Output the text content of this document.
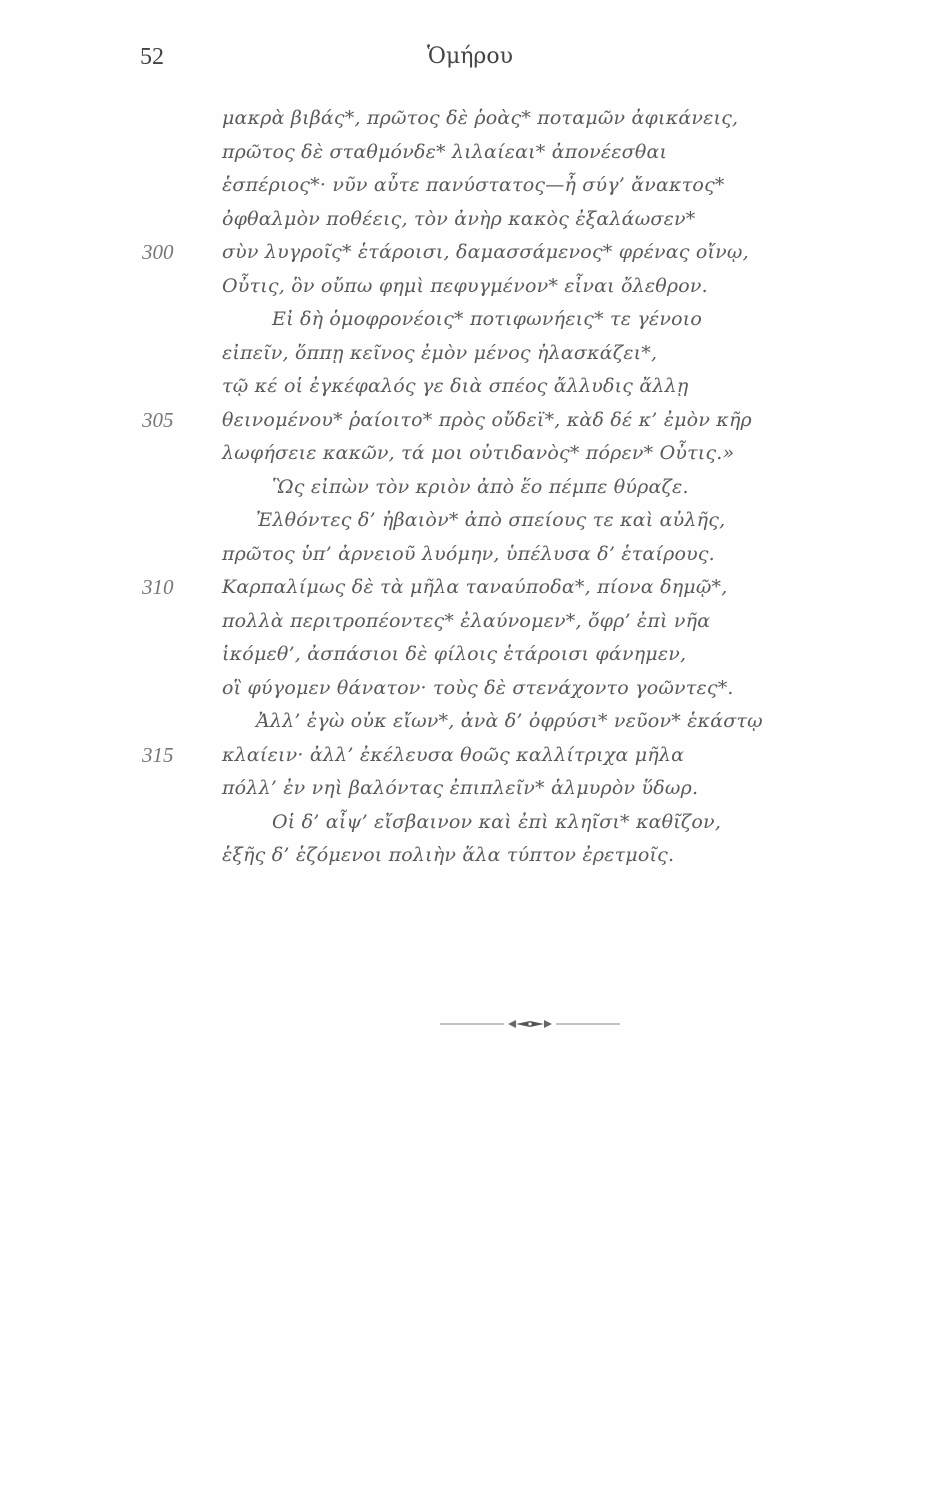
52	Ὁμήρου
μακρὰ βιβάς*, πρῶτος δὲ ῥοὰς* ποταμῶν ἀφικάνεις,
πρῶτος δὲ σταθμόνδε* λιλαίεαι* ἀπονέεσθαι
ἑσπέριος*· νῦν αὖτε πανύστατος—ἦ σύγ’ ἄνακτος*
ὀφθαλμὸν ποθέεις, τὸν ἀνὴρ κακὸς ἐξαλάωσεν*
300	σὺν λυγροῖς* ἑτάροισι, δαμασσάμενος* φρένας οἴνῳ,
Οὖτις, ὃν οὔπω φημὶ πεφυγμένον* εἶναι ὄλεθρον.
Εἰ δὴ ὁμοφρονέοις* ποτιφωνήεις* τε γένοιο
εἰπεῖν, ὅππῃ κεῖνος ἐμὸν μένος ἠλασκάζει*,
τῷ κέ οἱ ἐγκέφαλός γε διὰ σπέος ἄλλυδις ἄλλῃ
305	θεινομένου* ῥαίοιτο* πρὸς οὔδεϊ*, κὰδ δέ κ’ ἐμὸν κῆρ
λωφήσειε κακῶν, τά μοι οὐτιδανὸς* πόρεν* Οὖτις.»
Ὣς εἰπὼν τὸν κριὸν ἀπὸ ἕο πέμπε θύραζε.
Ἐλθόντες δ’ ἠβαιὸν* ἀπὸ σπείους τε καὶ αὐλῆς,
πρῶτος ὑπ’ ἀρνειοῦ λυόμην, ὑπέλυσα δ’ ἑταίρους.
310	Καρπαλίμως δὲ τὰ μῆλα ταναύποδα*, πίονα δημῷ*,
πολλὰ περιτροπέοντες* ἐλαύνομεν*, ὄφρ’ ἐπὶ νῆα
ἱκόμεθ’, ἀσπάσιοι δὲ φίλοις ἑτάροισι φάνημεν,
οἳ φύγομεν θάνατον· τοὺς δὲ στενάχοντο γοῶντες*.
Ἀλλ’ ἐγὼ οὐκ εἴων*, ἀνὰ δ’ ὀφρύσι* νεῦον* ἑκάστῳ
315	κλαίειν· ἀλλ’ ἐκέλευσα θοῶς καλλίτριχα μῆλα
πόλλ’ ἐν νηὶ βαλόντας ἐπιπλεῖν* ἁλμυρὸν ὕδωρ.
Οἱ δ’ αἶψ’ εἴσβαινον καὶ ἐπὶ κληῖσι* καθῖζον,
ἑξῆς δ’ ἑζόμενοι πολιὴν ἅλα τύπτον ἐρετμοῖς.
